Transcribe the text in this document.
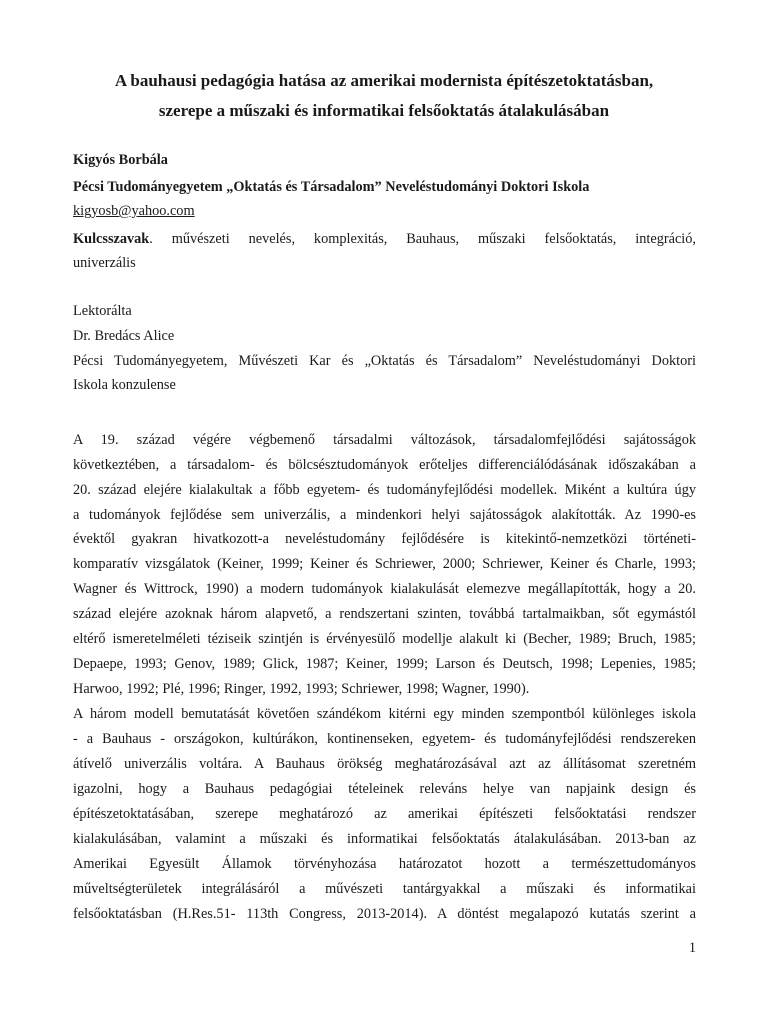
A bauhausi pedagógia hatása az amerikai modernista építészetoktatásban,
szerepe a műszaki és informatikai felsőoktatás átalakulásában
Kigyós Borbála
Pécsi Tudományegyetem „Oktatás és Társadalom” Neveléstudományi Doktori Iskola
kigyosb@yahoo.com
Kulcsszavak. művészeti nevelés, komplexitás, Bauhaus, műszaki felsőoktatás, integráció,
univerzális
Lektorálta
Dr. Bredács Alice
Pécsi Tudományegyetem, Művészeti Kar és „Oktatás és Társadalom” Neveléstudományi Doktori
Iskola konzulense
A 19. század végére végbemenő társadalmi változások, társadalomfejlődési sajátosságok
következtében, a társadalom- és bölcsésztudományok erőteljes differenciálódásának időszakában a
20. század elejére kialakultak a főbb egyetem- és tudományfejlődési modellek. Miként a kultúra úgy
a tudományok fejlődése sem univerzális, a mindenkori helyi sajátosságok alakították. Az 1990-es
évektől gyakran hivatkozott-a neveléstudomány fejlődésére is kitekintő-nemzetközi történeti-
komparatív vizsgálatok (Keiner, 1999; Keiner és Schriewer, 2000; Schriewer, Keiner és Charle, 1993;
Wagner és Wittrock, 1990) a modern tudományok kialakulását elemezve megállapították, hogy a 20.
század elejére azoknak három alapvető, a rendszertani szinten, továbbá tartalmaikban, sőt egymástól
eltérő ismeretelméleti téziseik szintjén is érvényesülő modellje alakult ki (Becher, 1989; Bruch, 1985;
Depaepe, 1993; Genov, 1989; Glick, 1987; Keiner, 1999; Larson és Deutsch, 1998; Lepenies, 1985;
Harwoo, 1992; Plé, 1996; Ringer, 1992, 1993; Schriewer, 1998; Wagner, 1990).
A három modell bemutatását követően szándékom kitérni egy minden szempontból különleges iskola
- a Bauhaus - országokon, kultúrákon, kontinenseken, egyetem- és tudományfejlődési rendszereken
átívelő univerzális voltára. A Bauhaus örökség meghatározásával azt az állításomat szeretném
igazolni, hogy a Bauhaus pedagógiai tételeinek releváns helye van napjaink design és
építészetoktatásában, szerepe meghatározó az amerikai építészeti felsőoktatási rendszer
kialakulásában, valamint a műszaki és informatikai felsőoktatás átalakulásában. 2013-ban az
Amerikai Egyesült Államok törvényhozása határozatot hozott a természettudományos
műveltségterületek integrálásáról a művészeti tantárgyakkal a műszaki és informatikai
felsőoktatásban (H.Res.51- 113th Congress, 2013-2014). A döntést megalapozó kutatás szerint a
1
